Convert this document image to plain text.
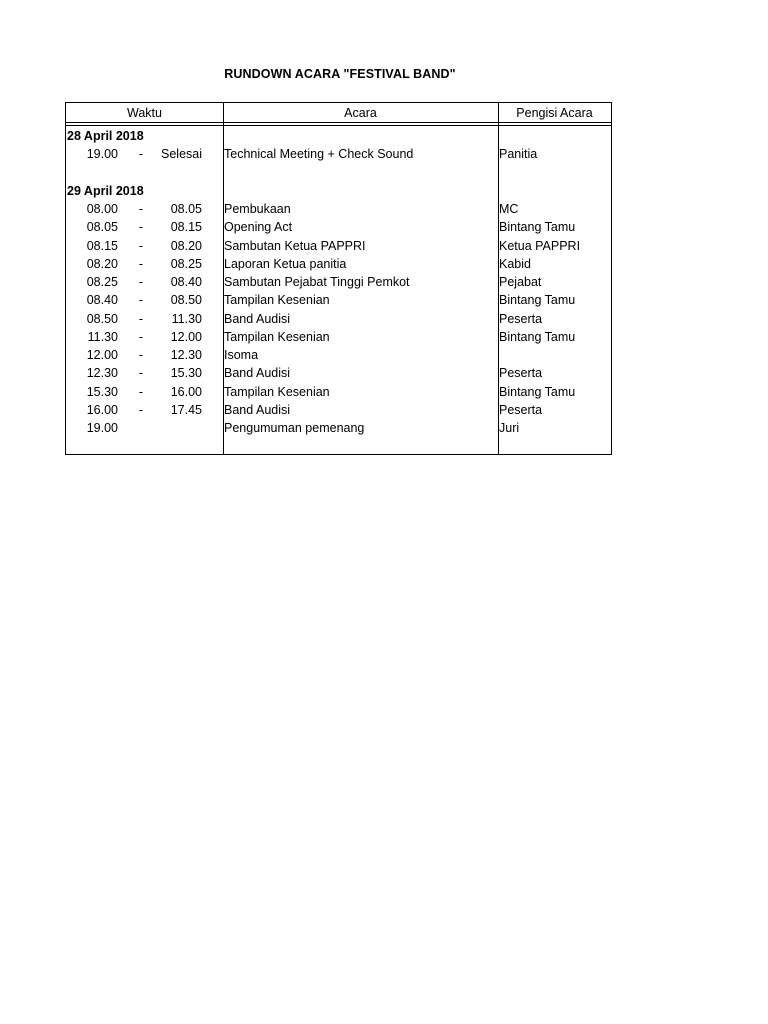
RUNDOWN ACARA "FESTIVAL BAND"
Waktu	Acara	Pengisi Acara
28 April 2018
19.00	-	Selesai Technical Meeting + Check Sound	Panitia
29 April 2018
08.00	-	08.05 Pembukaan	MC
08.05	-	08.15 Opening Act	Bintang Tamu
08.15	-	08.20 Sambutan Ketua PAPPRI	Ketua PAPPRI
08.20	-	08.25 Laporan Ketua panitia	Kabid
08.25	-	08.40 Sambutan Pejabat Tinggi Pemkot	Pejabat
08.40	-	08.50 Tampilan Kesenian	Bintang Tamu
08.50	-	11.30 Band Audisi	Peserta
11.30	-	12.00 Tampilan Kesenian	Bintang Tamu
12.00	-	12.30 Isoma
12.30	-	15.30 Band Audisi	Peserta
15.30	-	16.00 Tampilan Kesenian	Bintang Tamu
16.00	-	17.45 Band Audisi	Peserta
19.00	Pengumuman pemenang	Juri
